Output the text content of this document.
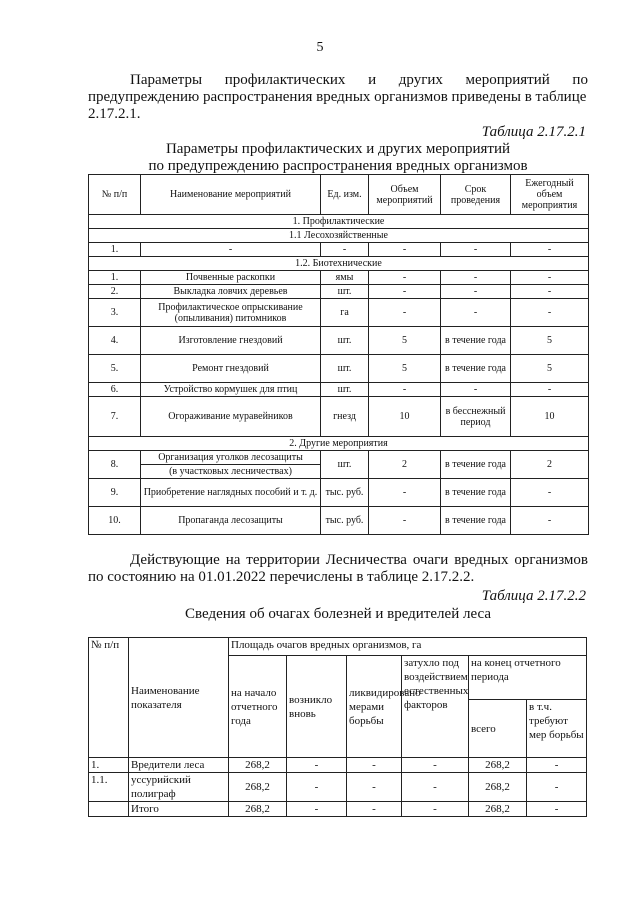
5
Параметры профилактических и других мероприятий по
предупреждению распространения вредных организмов приведены в таблице
2.17.2.1.
Таблица 2.17.2.1
Параметры профилактических и других мероприятий
по предупреждению распространения вредных организмов
№ п/п	Наименование мероприятий	Ед. изм.	Объем мероприятий	Срок проведения	Ежегодный объем мероприятия
1. Профилактические					
1.1 Лесохозяйственные					
1.	-	-	-	-	-
1.2. Биотехнические					
1.	Почвенные раскопки	ямы	-	-	-
2.	Выкладка ловчих деревьев	шт.	-	-	-
3.	Профилактическое опрыскивание (опыливания) питомников	га	-	-	-
4.	Изготовление гнездовий	шт.	5	в течение года	5
5.	Ремонт гнездовий	шт.	5	в течение года	5
6.	Устройство кормушек для птиц	шт.	-	-	-
7.	Огораживание муравейников	гнезд	10	в бесснежный период	10
2. Другие мероприятия					
8.	Организация уголков лесозащиты	шт.	2	в течение года	2
	(в участковых лесничествах)				
9.	Приобретение наглядных пособий и т. д.	тыс. руб.	-	в течение года	-
10.	Пропаганда лесозащиты	тыс. руб.	-	в течение года	-
Действующие на территории Лесничества очаги вредных организмов
по состоянию на 01.01.2022 перечислены в таблице 2.17.2.2.
Таблица 2.17.2.2
Сведения об очагах болезней и вредителей леса
№ п/п	Наименование показателя	Площадь очагов вредных организмов, га					
		на начало отчетного года	возникло вновь	ликвидировано мерами борьбы	затухло под воздействием естественных факторов	на конец отчетного периода	
						всего	в т.ч. требуют мер борьбы
1.	Вредители леса	268,2	-	-	-	268,2	-
1.1.	уссурийский полиграф	268,2	-	-	-	268,2	-
	Итого	268,2	-	-	-	268,2	-
